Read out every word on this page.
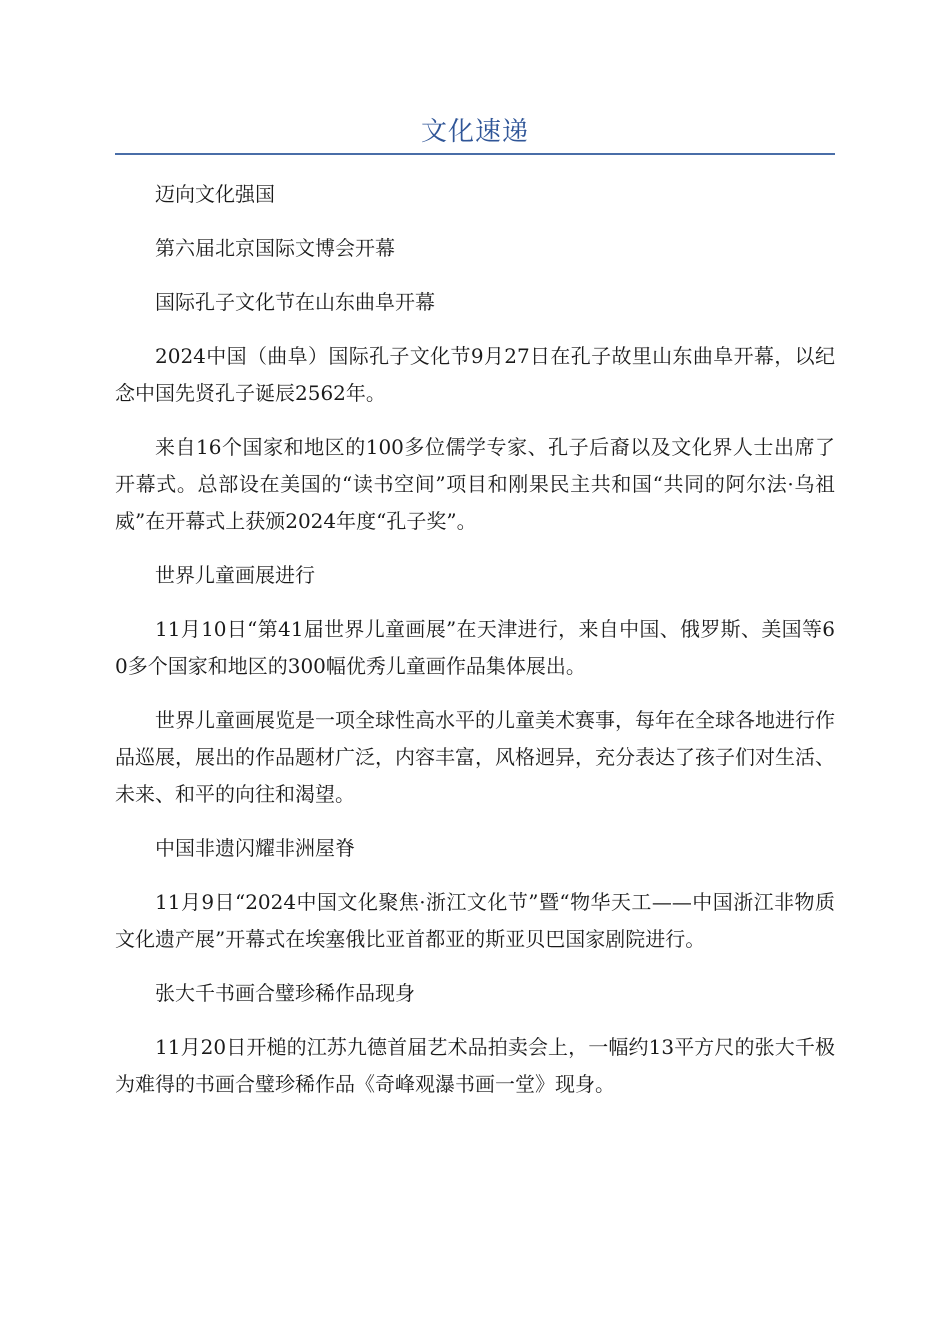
文化速递

迈向文化强国

第六届北京国际文博会开幕

国际孔子文化节在山东曲阜开幕

2024中国（曲阜）国际孔子文化节9月27日在孔子故里山东曲阜开幕，以纪念中国先贤孔子诞辰2562年。

来自16个国家和地区的100多位儒学专家、孔子后裔以及文化界人士出席了开幕式。总部设在美国的“读书空间”项目和刚果民主共和国“共同的阿尔法·乌祖威”在开幕式上获颁2024年度“孔子奖”。

世界儿童画展进行

11月10日“第41届世界儿童画展”在天津进行，来自中国、俄罗斯、美国等60多个国家和地区的300幅优秀儿童画作品集体展出。

世界儿童画展览是一项全球性高水平的儿童美术赛事，每年在全球各地进行作品巡展，展出的作品题材广泛，内容丰富，风格迥异，充分表达了孩子们对生活、未来、和平的向往和渴望。

中国非遗闪耀非洲屋脊

11月9日“2024中国文化聚焦·浙江文化节”暨“物华天工——中国浙江非物质文化遗产展”开幕式在埃塞俄比亚首都亚的斯亚贝巴国家剧院进行。

张大千书画合璧珍稀作品现身

11月20日开槌的江苏九德首届艺术品拍卖会上，一幅约13平方尺的张大千极为难得的书画合璧珍稀作品《奇峰观瀑书画一堂》现身。
